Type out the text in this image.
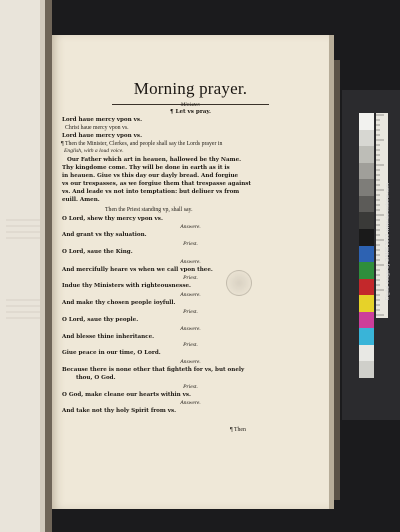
Morning prayer.
Minister.
¶ Let vs pray.
Lord haue mercy vpon vs.
Christ haue mercy vpon vs.
Lord haue mercy vpon vs.
¶ Then the Minister, Clerkes, and people shall say the Lords prayer in
English, with a loud voice.
Our Father which art in heauen, hallowed be thy Name.
Thy kingdome come. Thy will be done in earth as it is
in heauen. Giue vs this day our dayly bread. And forgiue
vs our trespasses, as we forgiue them that trespasse against
vs. And leade vs not into temptation: but deliuer vs from
euill. Amen.
Then the Priest standing vp, shall say.
O Lord, shew thy mercy vpon vs.
Answere.
And grant vs thy saluation.
Priest.
O Lord, saue the King.
Answere.
And mercifully heare vs when we call vpon thee.
Priest.
Indue thy Ministers with righteousnesse.
Answere.
And make thy chosen people ioyfull.
Priest.
O Lord, saue thy people.
Answere.
And blesse thine inheritance.
Priest.
Giue peace in our time, O Lord.
Answere.
Because there is none other that fighteth for vs, but onely
thou, O God.
Priest.
O God, make cleane our hearts within vs.
Answere.
And take not thy holy Spirit from vs.
¶ Then
Digital image by DAMS 2013 www.damsdome.com
